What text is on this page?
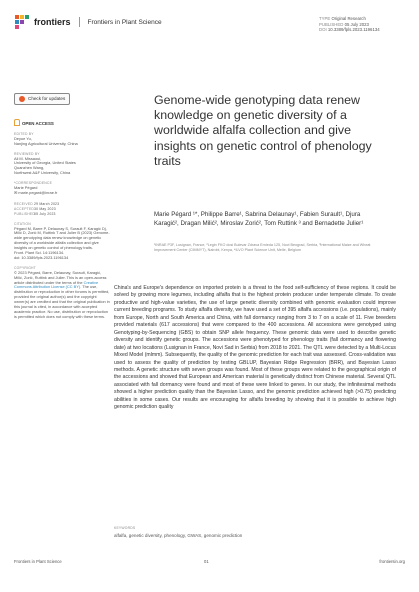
frontiers	Frontiers in Plant Science	TYPE Original Research
PUBLISHED 05 July 2023
DOI 10.3389/fpls.2023.1196134
Check for updates
OPEN ACCESS
EDITED BY
Deyue Yu,
Nanjing Agricultural University, China
REVIEWED BY
Ali M. Missaoui,
University of Georgia, United States
Quanzhen Wang,
Northwest A&F University, China
*CORRESPONDENCE
Marie Pégard
✉ marie.pegard@inrae.fr
RECEIVED29 March 2023
ACCEPTED30 May 2023
PUBLISHED05 July 2023
CITATION
Pégard M, Barre P, Delaunay S, Surault F, Karagić Dj, Milić D, Zorić M, Ruttink T and Julier B (2023) Genome-wide genotyping data renew knowledge on genetic diversity of a worldwide alfalfa collection and give insights on genetic control of phenology traits.
Front. Plant Sci. 14:1196134.
doi: 10.3389/fpls.2023.1196134
COPYRIGHT
© 2023 Pégard, Barre, Delaunay, Surault, Karagić, Milić, Zorić, Ruttink and Julier. This is an open-access article distributed under the terms of the Creative Commons Attribution License (CC BY). The use, distribution or reproduction in other forums is permitted, provided the original author(s) and the copyright owner(s) are credited and that the original publication in this journal is cited, in accordance with accepted academic practice. No use, distribution or reproduction is permitted which does not comply with these terms.
Genome-wide genotyping data renew knowledge on genetic diversity of a worldwide alfalfa collection and give insights on genetic control of phenology traits
Marie Pégard ¹*, Philippe Barre¹, Sabrina Delaunay¹, Fabien Surault¹, Djura Karagić², Dragan Milić², Miroslav Zorić², Tom Ruttink ³ and Bernadette Julier¹
¹INRAE P3F, Lusignan, France, ²Legin FKO dosi Bulevar Zdrava Ernieda 125, Novi Beograd, Serbia, ³International Maize and Wheat Improvement Center (CIMMYT), Nairobi, Kenya, ⁴ILVO Plant Science Unit, Melle, Belgium
China's and Europe's dependence on imported protein is a threat to the food self-sufficiency of these regions. It could be solved by growing more legumes, including alfalfa that is the highest protein producer under temperate climate. To create productive and high-value varieties, the use of large genetic diversity combined with genomic evaluation could improve current breeding programs. To study alfalfa diversity, we have used a set of 395 alfalfa accessions (i.e. populations), mainly from Europe, North and South America and China, with fall dormancy ranging from 3 to 7 on a scale of 11. Five breeders provided materials (617 accessions) that were compared to the 400 accessions. All accessions were genotyped using Genotyping-by-Sequencing (GBS) to obtain SNP allele frequency. These genomic data were used to describe genetic diversity and identify genetic groups. The accessions were phenotyped for phenology traits (fall dormancy and flowering date) at two locations (Lusignan in France, Novi Sad in Serbia) from 2018 to 2021. The QTL were detected by a Multi-Locus Mixed Model (mlmm). Subsequently, the quality of the genomic prediction for each trait was assessed. Cross-validation was used to assess the quality of prediction by testing GBLUP, Bayesian Ridge Regression (BRR), and Bayesian Lasso methods. A genetic structure with seven groups was found. Most of these groups were related to the geographical origin of the accessions and showed that European and American material is genetically distinct from Chinese material. Several QTL associated with fall dormancy were found and most of these were linked to genes. In our study, the infinitesimal methods showed a higher prediction quality than the Bayesian Lasso, and the genomic prediction achieved high (>0.75) predicting abilities in some cases. Our results are encouraging for alfalfa breeding by showing that it is possible to achieve high genomic prediction quality
KEYWORDS
alfalfa, genetic diversity, phenology, GWAS, genomic prediction
Frontiers in Plant Science	01	frontiersin.org
